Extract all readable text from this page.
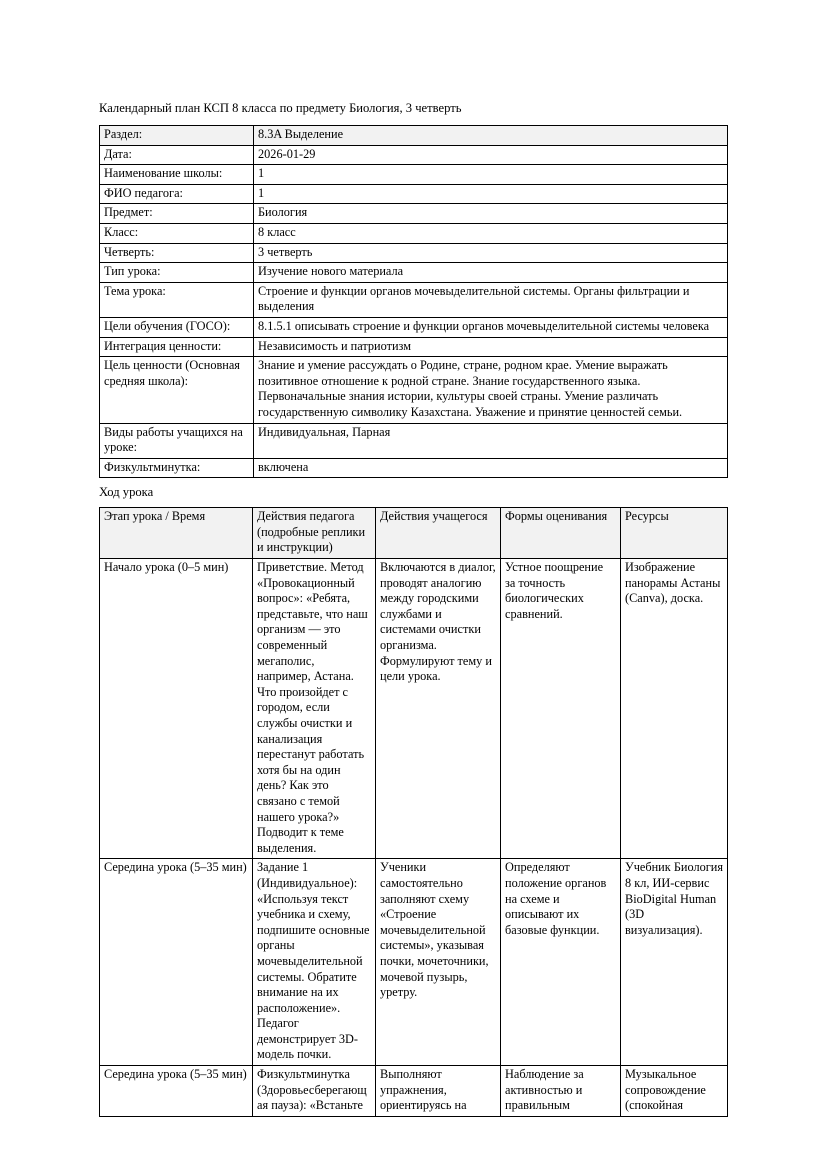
Календарный план КСП 8 класса по предмету Биология, 3 четверть

Раздел:	8.3A Выделение
Дата:	2026-01-29
Наименование школы:	1
ФИО педагога:	1
Предмет:	Биология
Класс:	8 класс
Четверть:	3 четверть
Тип урока:	Изучение нового материала
Тема урока:	Строение и функции органов мочевыделительной системы. Органы фильтрации и выделения
Цели обучения (ГОСО):	8.1.5.1 описывать строение и функции органов мочевыделительной системы человека
Интеграция ценности:	Независимость и патриотизм
Цель ценности (Основная средняя школа):	Знание и умение рассуждать о Родине, стране, родном крае. Умение выражать позитивное отношение к родной стране. Знание государственного языка. Первоначальные знания истории, культуры своей страны. Умение различать государственную символику Казахстана. Уважение и принятие ценностей семьи.
Виды работы учащихся на уроке:	Индивидуальная, Парная
Физкультминутка:	включена

Ход урока

Этап урока / Время	Действия педагога (подробные реплики и инструкции)	Действия учащегося	Формы оценивания	Ресурсы
Начало урока (0–5 мин)	Приветствие. Метод «Провокационный вопрос»: «Ребята, представьте, что наш организм — это современный мегаполис, например, Астана. Что произойдет с городом, если службы очистки и канализация перестанут работать хотя бы на один день? Как это связано с темой нашего урока?» Подводит к теме выделения.	Включаются в диалог, проводят аналогию между городскими службами и системами очистки организма. Формулируют тему и цели урока.	Устное поощрение за точность биологических сравнений.	Изображение панорамы Астаны (Canva), доска.
Середина урока (5–35 мин)	Задание 1 (Индивидуальное): «Используя текст учебника и схему, подпишите основные органы мочевыделительной системы. Обратите внимание на их расположение». Педагог демонстрирует 3D-модель почки.	Ученики самостоятельно заполняют схему «Строение мочевыделительной системы», указывая почки, мочеточники, мочевой пузырь, уретру.	Определяют положение органов на схеме и описывают их базовые функции.	Учебник Биология 8 кл, ИИ-сервис BioDigital Human (3D визуализация).
Середина урока (5–35 мин)	Физкультминутка (Здоровьесберегающая пауза): «Встаньте	Выполняют упражнения, ориентируясь на	Наблюдение за активностью и правильным	Музыкальное сопровождение (спокойная
